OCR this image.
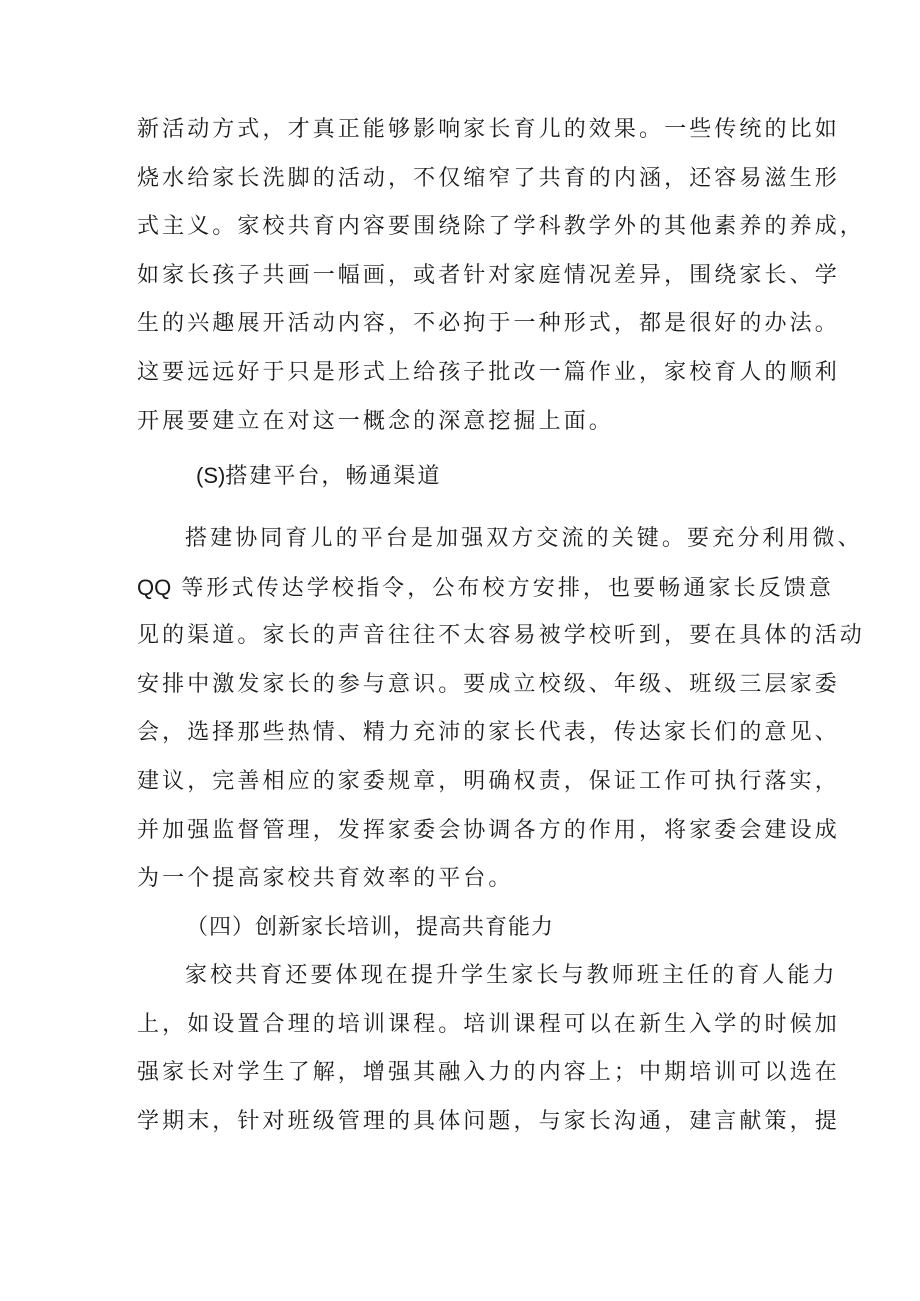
新活动方式，才真正能够影响家长育儿的效果。一些传统的比如
烧水给家长洗脚的活动，不仅缩窄了共育的内涵，还容易滋生形
式主义。家校共育内容要围绕除了学科教学外的其他素养的养成，
如家长孩子共画一幅画，或者针对家庭情况差异，围绕家长、学
生的兴趣展开活动内容，不必拘于一种形式，都是很好的办法。
这要远远好于只是形式上给孩子批改一篇作业，家校育人的顺利
开展要建立在对这一概念的深意挖掘上面。
(S)搭建平台，畅通渠道
搭建协同育儿的平台是加强双方交流的关键。要充分利用微、
QQ 等形式传达学校指令，公布校方安排，也要畅通家长反馈意
见的渠道。家长的声音往往不太容易被学校听到，要在具体的活动
安排中激发家长的参与意识。要成立校级、年级、班级三层家委
会，选择那些热情、精力充沛的家长代表，传达家长们的意见、
建议，完善相应的家委规章，明确权责，保证工作可执行落实，
并加强监督管理，发挥家委会协调各方的作用，将家委会建设成
为一个提高家校共育效率的平台。
（四）创新家长培训，提高共育能力
家校共育还要体现在提升学生家长与教师班主任的育人能力
上，如设置合理的培训课程。培训课程可以在新生入学的时候加
强家长对学生了解，增强其融入力的内容上；中期培训可以选在
学期末，针对班级管理的具体问题，与家长沟通，建言献策，提
